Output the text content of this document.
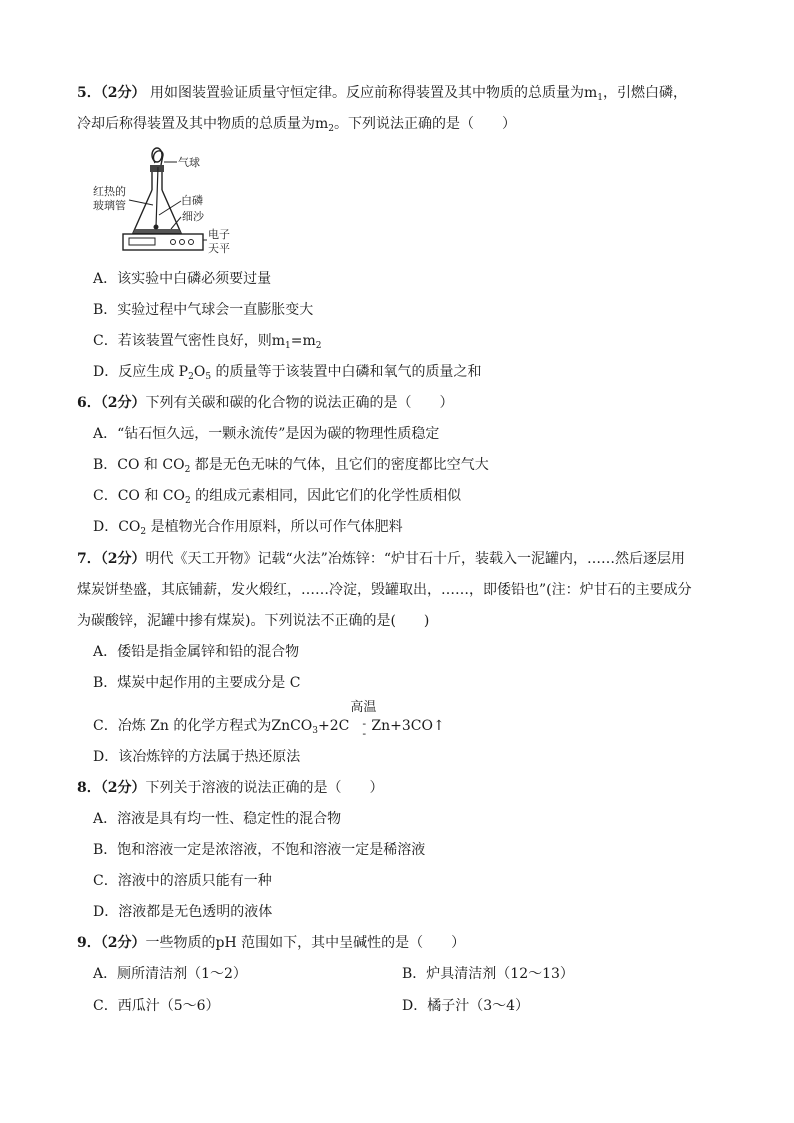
5．（2分） 用如图装置验证质量守恒定律。反应前称得装置及其中物质的总质量为$m_1$，引燃白磷，
冷却后称得装置及其中物质的总质量为$m_2$。下列说法正确的是（　　）
气球
红热的
玻璃管	白磷
细沙
电子
天平
A．该实验中白磷必须要过量
B．实验过程中气球会一直膨胀变大
C．若该装置气密性良好，则$m_1=m_2$
D．反应生成 $P_2O_5$ 的质量等于该装置中白磷和氧气的质量之和
6．（2分）下列有关碳和碳的化合物的说法正确的是（　　）
A．“钻石恒久远，一颗永流传”是因为碳的物理性质稳定
B．CO 和 $CO_2$ 都是无色无味的气体，且它们的密度都比空气大
C．CO 和 $CO_2$ 的组成元素相同，因此它们的化学性质相似
D．$CO_2$ 是植物光合作用原料，所以可作气体肥料
7．（2分）明代《天工开物》记载“火法”冶炼锌：“炉甘石十斤，装载入一泥罐内，……然后逐层用
煤炭饼垫盛，其底铺薪，发火煅红，……冷淀，毁罐取出，……，即倭铅也”(注：炉甘石的主要成分
为碳酸锌，泥罐中掺有煤炭)。下列说法不正确的是(　　)
A．倭铅是指金属锌和铅的混合物
B．煤炭中起作用的主要成分是 C
C．冶炼 Zn 的化学方程式为ZnCO$_3$+2C
高温
-
- Zn+3CO↑
D．该冶炼锌的方法属于热还原法
8．（2分）下列关于溶液的说法正确的是（　　）
A．溶液是具有均一性、稳定性的混合物
B．饱和溶液一定是浓溶液，不饱和溶液一定是稀溶液
C．溶液中的溶质只能有一种
D．溶液都是无色透明的液体
9．（2分）一些物质的pH 范围如下，其中呈碱性的是（　　）
A．厕所清洁剂（1～2）	B．炉具清洁剂（12～13）
C．西瓜汁（5～6）	D．橘子汁（3～4）
